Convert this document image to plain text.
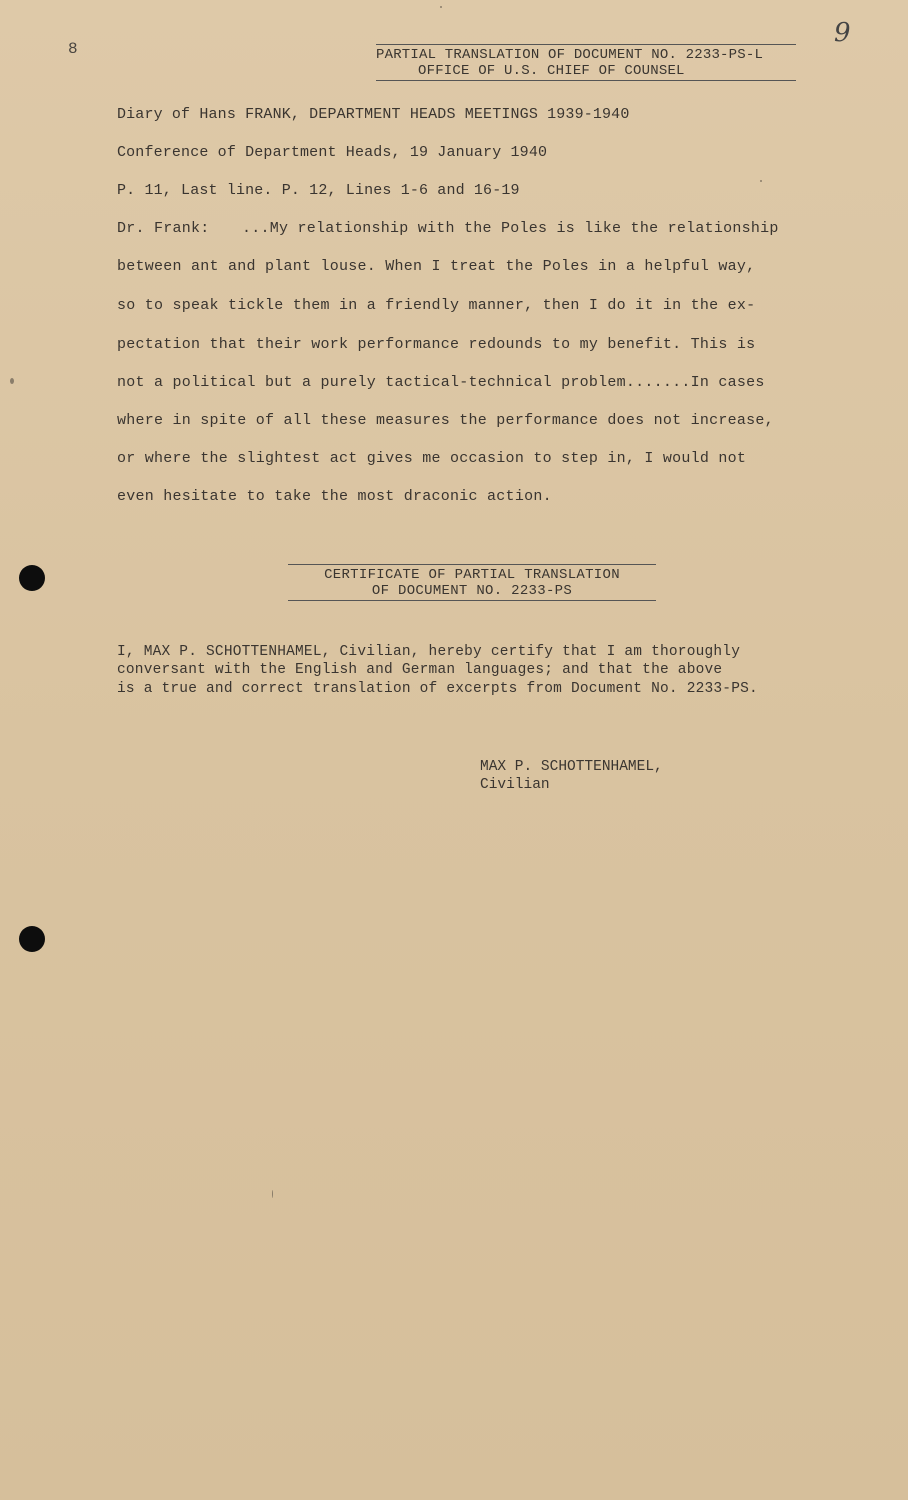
8
9
PARTIAL TRANSLATION OF DOCUMENT NO. 2233-PS-L
OFFICE OF U.S. CHIEF OF COUNSEL
Diary of Hans FRANK, DEPARTMENT HEADS MEETINGS 1939-1940
Conference of Department Heads, 19 January 1940
P. 11, Last line. P. 12, Lines 1-6 and 16-19
Dr. Frank: ...My relationship with the Poles is like the relationship
between ant and plant louse. When I treat the Poles in a helpful way,
so to speak tickle them in a friendly manner, then I do it in the ex-
pectation that their work performance redounds to my benefit. This is
not a political but a purely tactical-technical problem.......In cases
where in spite of all these measures the performance does not increase,
or where the slightest act gives me occasion to step in, I would not
even hesitate to take the most draconic action.
CERTIFICATE OF PARTIAL TRANSLATION
OF DOCUMENT NO. 2233-PS
I, MAX P. SCHOTTENHAMEL, Civilian, hereby certify that I am thoroughly
conversant with the English and German languages; and that the above
is a true and correct translation of excerpts from Document No. 2233-PS.
MAX P. SCHOTTENHAMEL,
Civilian
